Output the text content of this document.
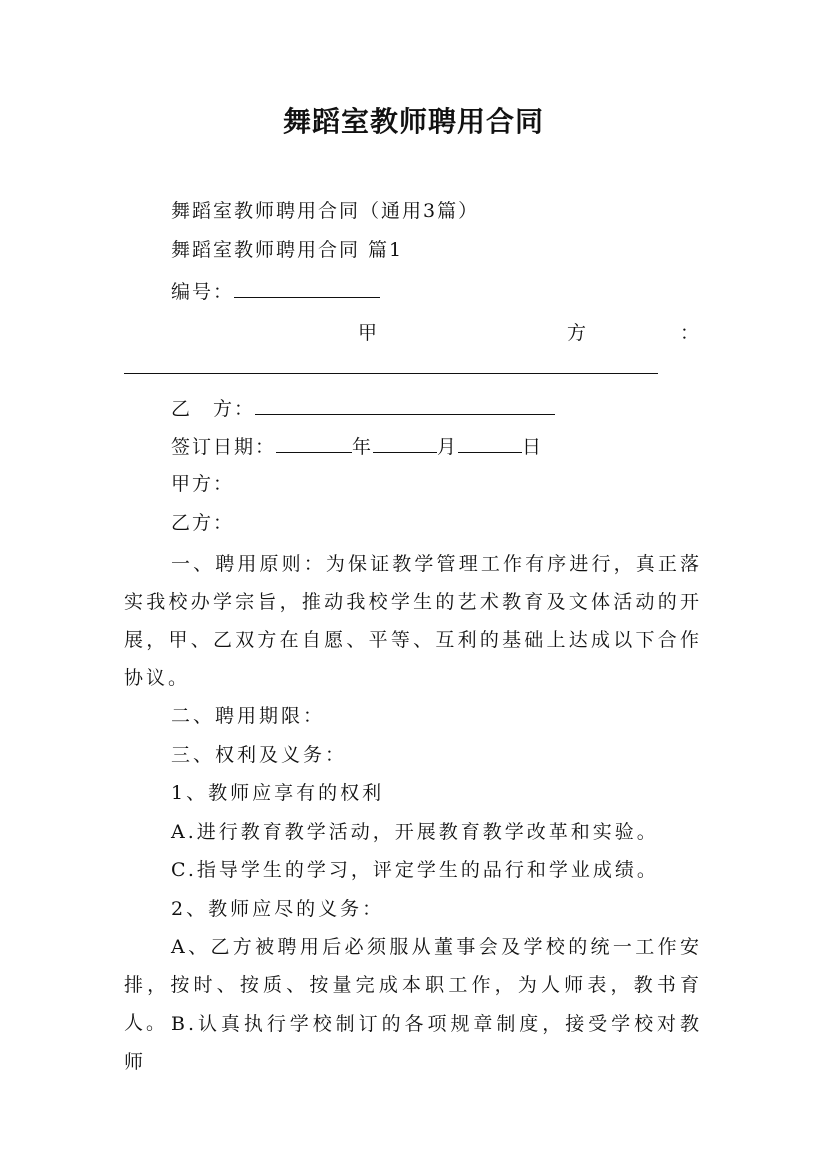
舞蹈室教师聘用合同
舞蹈室教师聘用合同（通用3篇）
舞蹈室教师聘用合同 篇1
编号：
甲	方	：
乙　方：
签订日期：	年	月	日
甲方：
乙方：
一、聘用原则：为保证教学管理工作有序进行，真正落实我校办学宗旨，推动我校学生的艺术教育及文体活动的开展，甲、乙双方在自愿、平等、互利的基础上达成以下合作协议。
二、聘用期限：
三、权利及义务：
1、教师应享有的权利
A.进行教育教学活动，开展教育教学改革和实验。
C.指导学生的学习，评定学生的品行和学业成绩。
2、教师应尽的义务：
A、乙方被聘用后必须服从董事会及学校的统一工作安排，按时、按质、按量完成本职工作，为人师表，教书育人。 B.认真执行学校制订的各项规章制度，接受学校对教师
